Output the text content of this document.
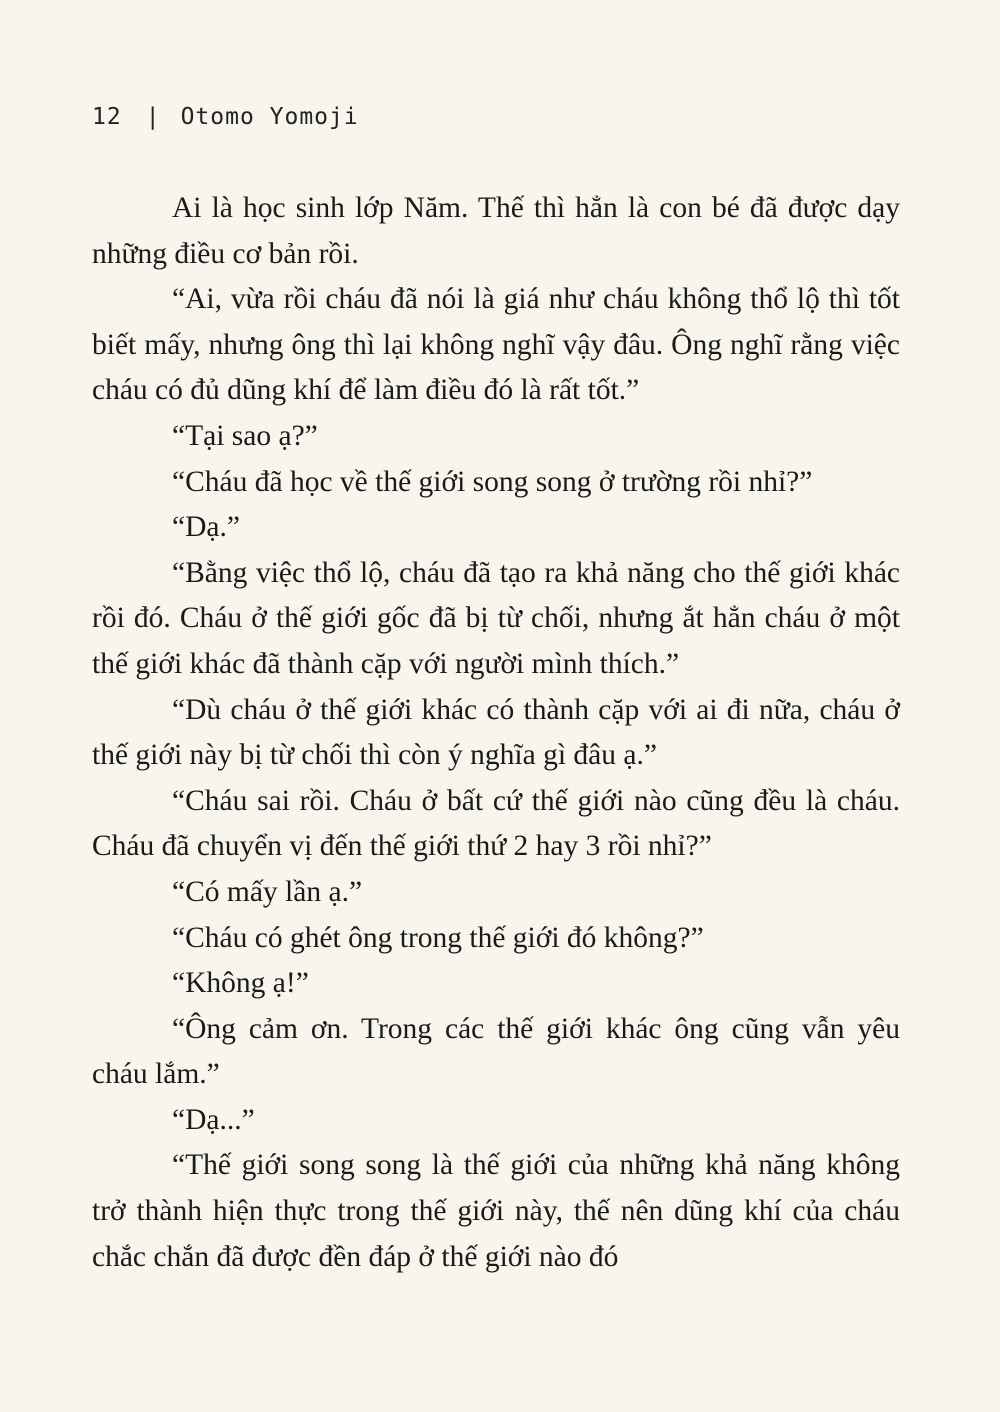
12 | Otomo Yomoji

Ai là học sinh lớp Năm. Thế thì hẳn là con bé đã được dạy những điều cơ bản rồi.

“Ai, vừa rồi cháu đã nói là giá như cháu không thổ lộ thì tốt biết mấy, nhưng ông thì lại không nghĩ vậy đâu. Ông nghĩ rằng việc cháu có đủ dũng khí để làm điều đó là rất tốt.”

“Tại sao ạ?”

“Cháu đã học về thế giới song song ở trường rồi nhỉ?”

“Dạ.”

“Bằng việc thổ lộ, cháu đã tạo ra khả năng cho thế giới khác rồi đó. Cháu ở thế giới gốc đã bị từ chối, nhưng ắt hẳn cháu ở một thế giới khác đã thành cặp với người mình thích.”

“Dù cháu ở thế giới khác có thành cặp với ai đi nữa, cháu ở thế giới này bị từ chối thì còn ý nghĩa gì đâu ạ.”

“Cháu sai rồi. Cháu ở bất cứ thế giới nào cũng đều là cháu. Cháu đã chuyển vị đến thế giới thứ 2 hay 3 rồi nhỉ?”

“Có mấy lần ạ.”

“Cháu có ghét ông trong thế giới đó không?”

“Không ạ!”

“Ông cảm ơn. Trong các thế giới khác ông cũng vẫn yêu cháu lắm.”

“Dạ...”

“Thế giới song song là thế giới của những khả năng không trở thành hiện thực trong thế giới này, thế nên dũng khí của cháu chắc chắn đã được đền đáp ở thế giới nào đó
